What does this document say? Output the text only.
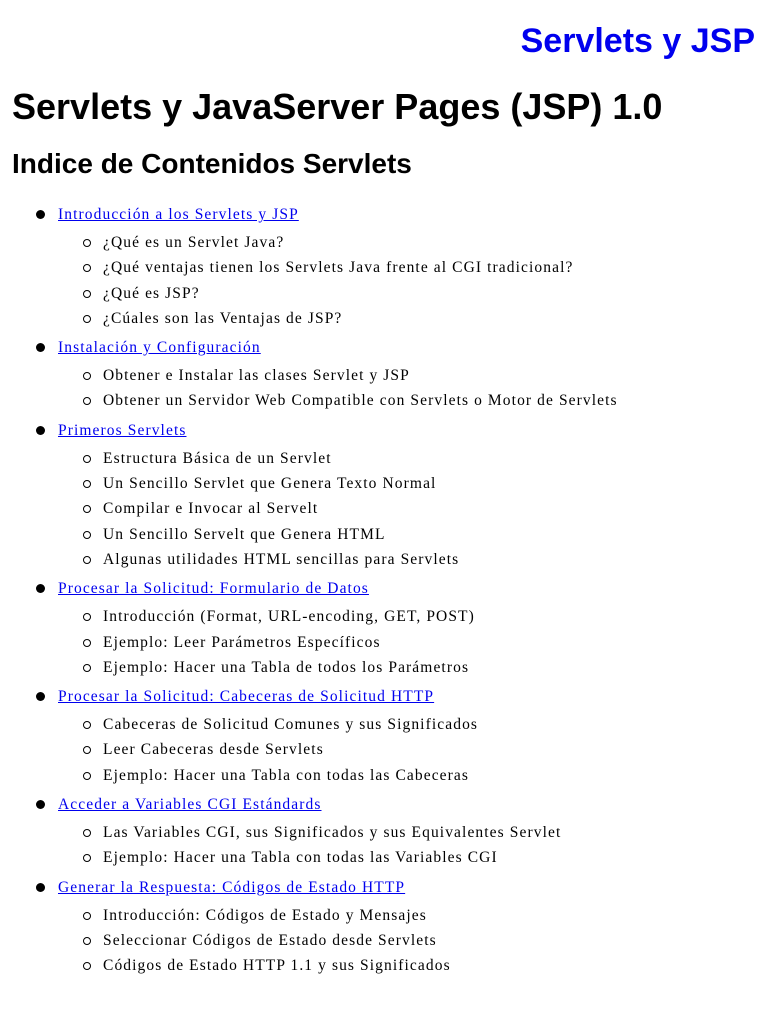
Servlets y JSP
Servlets y JavaServer Pages (JSP) 1.0
Indice de Contenidos Servlets
Introducción a los Servlets y JSP
¿Qué es un Servlet Java?
¿Qué ventajas tienen los Servlets Java frente al CGI tradicional?
¿Qué es JSP?
¿Cúales son las Ventajas de JSP?
Instalación y Configuración
Obtener e Instalar las clases Servlet y JSP
Obtener un Servidor Web Compatible con Servlets o Motor de Servlets
Primeros Servlets
Estructura Básica de un Servlet
Un Sencillo Servlet que Genera Texto Normal
Compilar e Invocar al Servelt
Un Sencillo Servelt que Genera HTML
Algunas utilidades HTML sencillas para Servlets
Procesar la Solicitud: Formulario de Datos
Introducción (Format, URL-encoding, GET, POST)
Ejemplo: Leer Parámetros Específicos
Ejemplo: Hacer una Tabla de todos los Parámetros
Procesar la Solicitud: Cabeceras de Solicitud HTTP
Cabeceras de Solicitud Comunes y sus Significados
Leer Cabeceras desde Servlets
Ejemplo: Hacer una Tabla con todas las Cabeceras
Acceder a Variables CGI Estándards
Las Variables CGI, sus Significados y sus Equivalentes Servlet
Ejemplo: Hacer una Tabla con todas las Variables CGI
Generar la Respuesta: Códigos de Estado HTTP
Introducción: Códigos de Estado y Mensajes
Seleccionar Códigos de Estado desde Servlets
Códigos de Estado HTTP 1.1 y sus Significados
